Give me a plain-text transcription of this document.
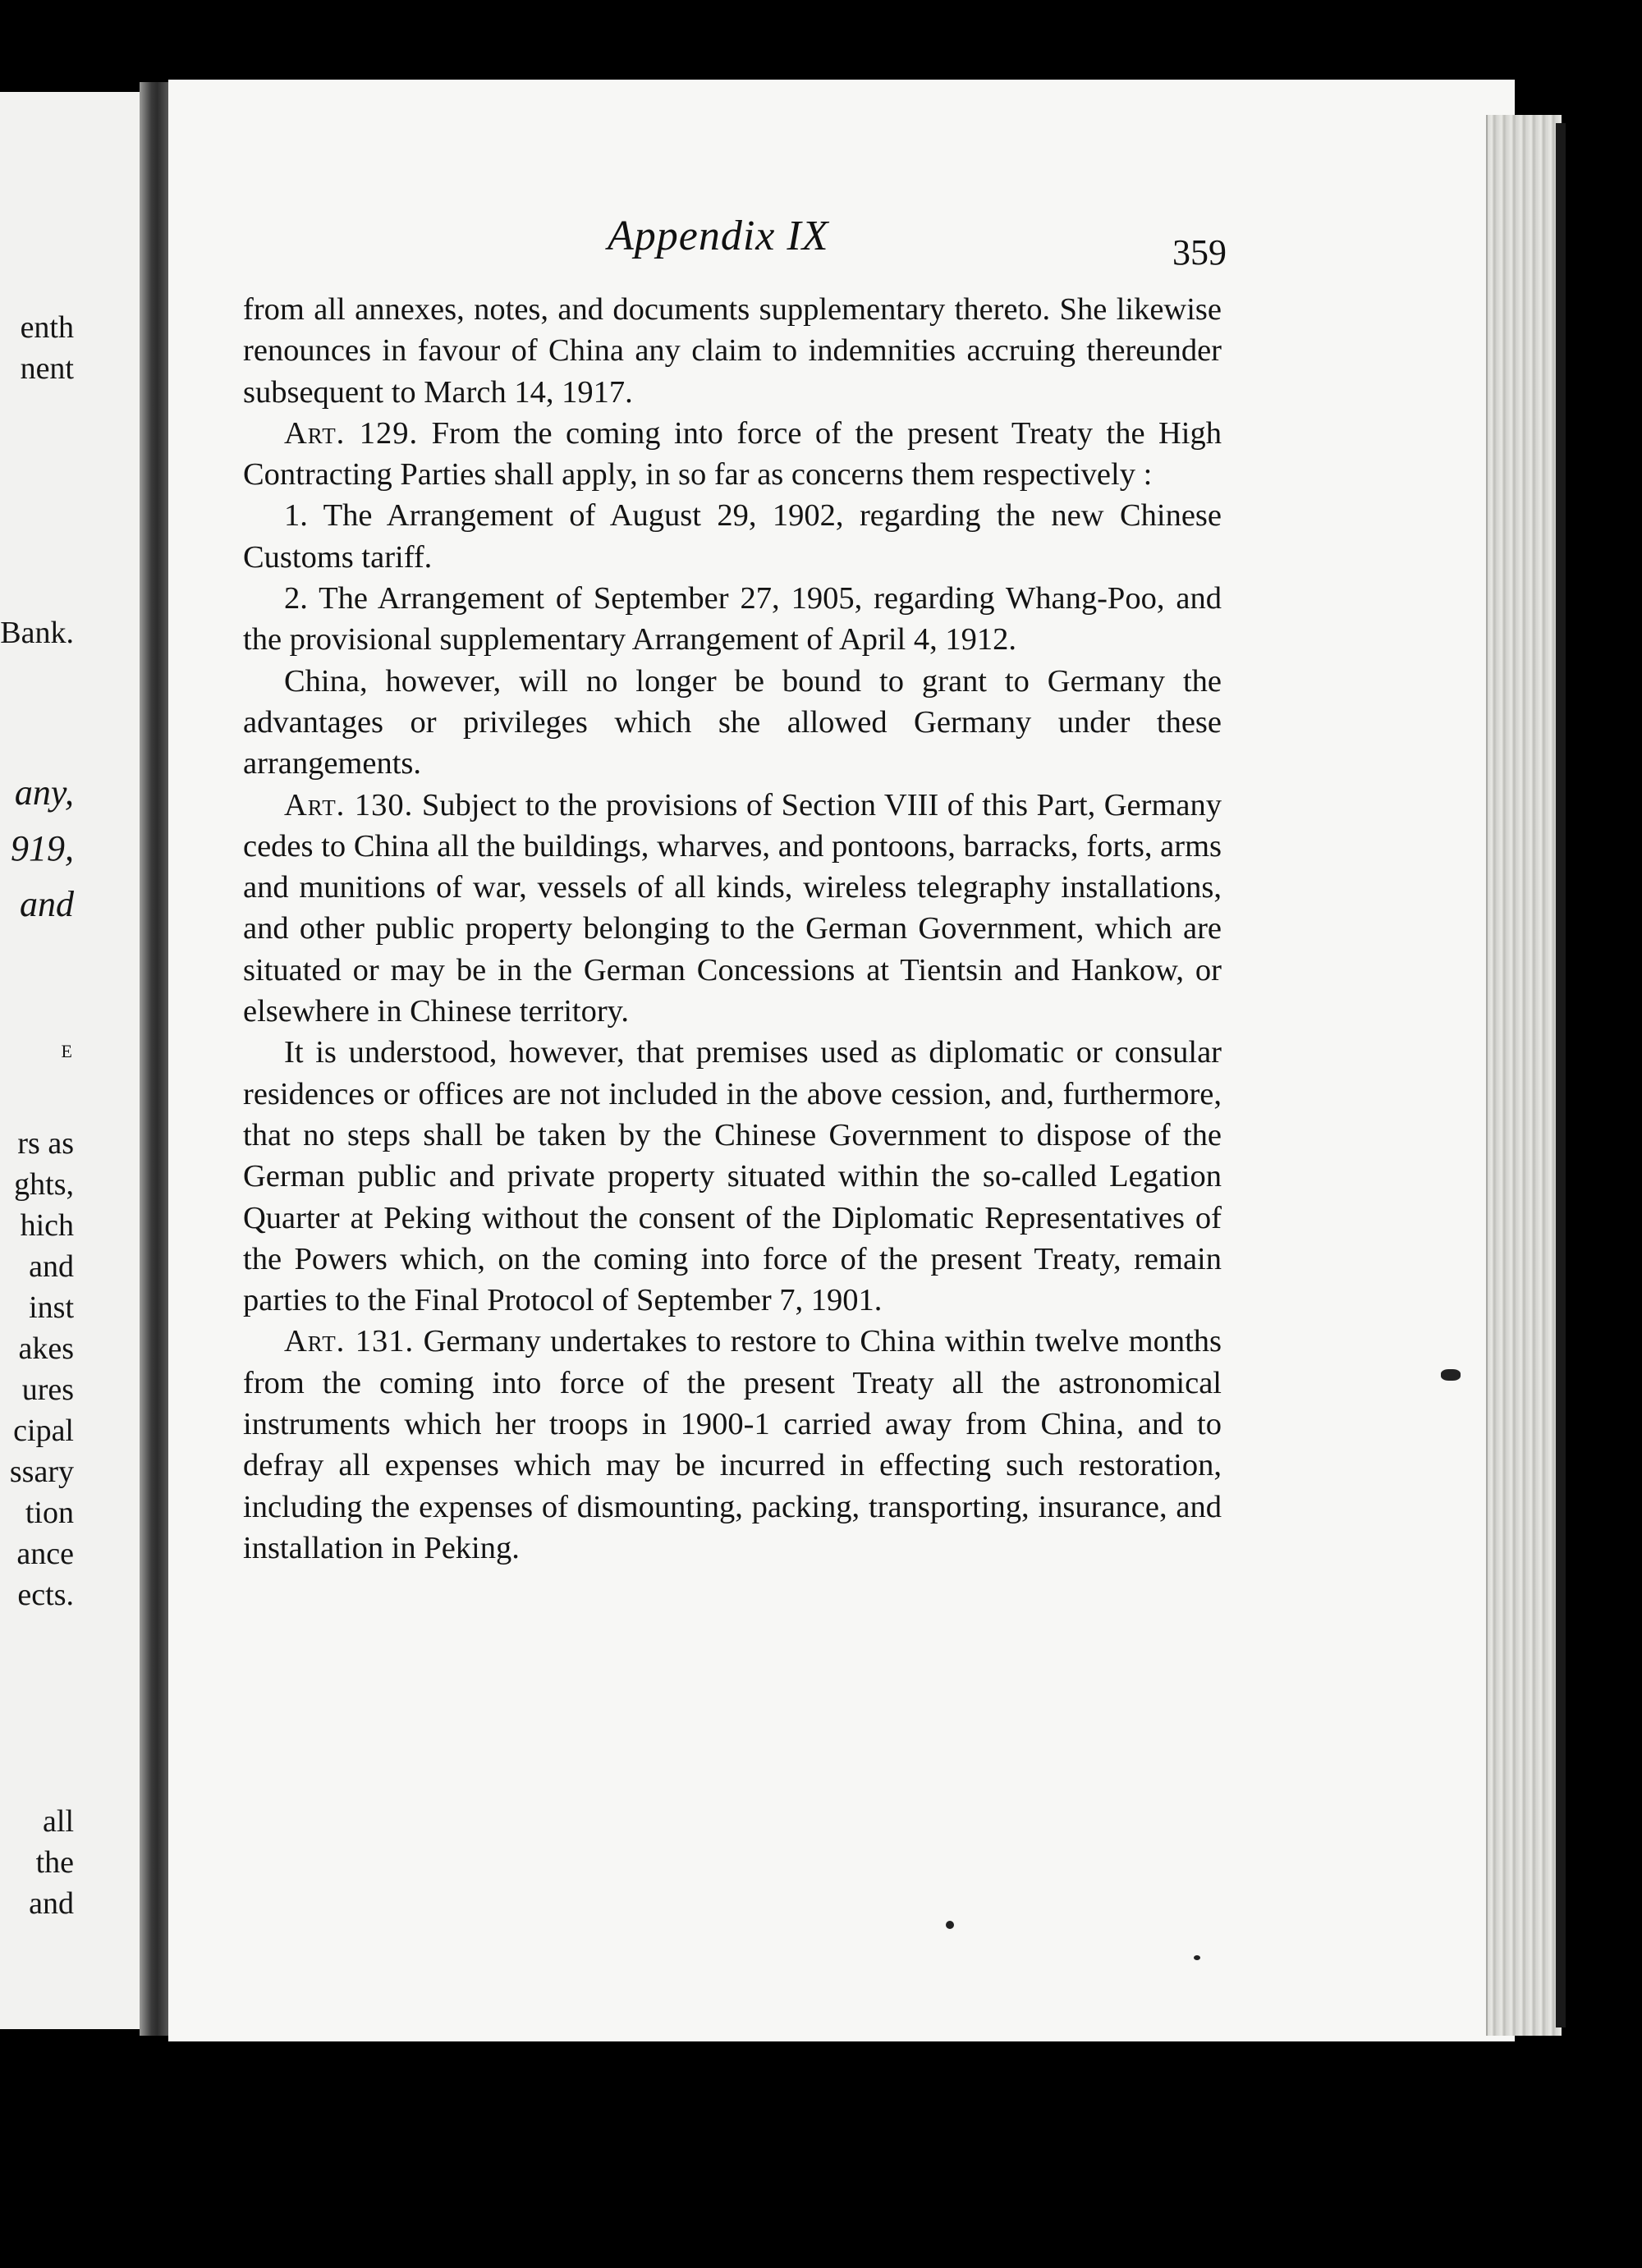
enth
nent
Bank.
any,
919,
and
E
rs as
ghts,
hich
and
inst
akes
ures
cipal
ssary
tion
ance
ects.
all
the
and
Appendix IX	359

from all annexes, notes, and documents supplementary thereto. She likewise renounces in favour of China any claim to indemnities accruing thereunder subsequent to March 14, 1917.

Art. 129. From the coming into force of the present Treaty the High Contracting Parties shall apply, in so far as concerns them respectively :

1. The Arrangement of August 29, 1902, regarding the new Chinese Customs tariff.

2. The Arrangement of September 27, 1905, regarding Whang-Poo, and the provisional supplementary Arrangement of April 4, 1912.

China, however, will no longer be bound to grant to Germany the advantages or privileges which she allowed Germany under these arrangements.

Art. 130. Subject to the provisions of Section VIII of this Part, Germany cedes to China all the buildings, wharves, and pontoons, barracks, forts, arms and munitions of war, vessels of all kinds, wireless telegraphy installations, and other public property belonging to the German Government, which are situated or may be in the German Concessions at Tientsin and Hankow, or elsewhere in Chinese territory.

It is understood, however, that premises used as diplomatic or consular residences or offices are not included in the above cession, and, furthermore, that no steps shall be taken by the Chinese Government to dispose of the German public and private property situated within the so-called Legation Quarter at Peking without the consent of the Diplomatic Representatives of the Powers which, on the coming into force of the present Treaty, remain parties to the Final Protocol of September 7, 1901.

Art. 131. Germany undertakes to restore to China within twelve months from the coming into force of the present Treaty all the astronomical instruments which her troops in 1900-1 carried away from China, and to defray all expenses which may be incurred in effecting such restoration, including the expenses of dismounting, packing, transporting, insurance, and installation in Peking.
